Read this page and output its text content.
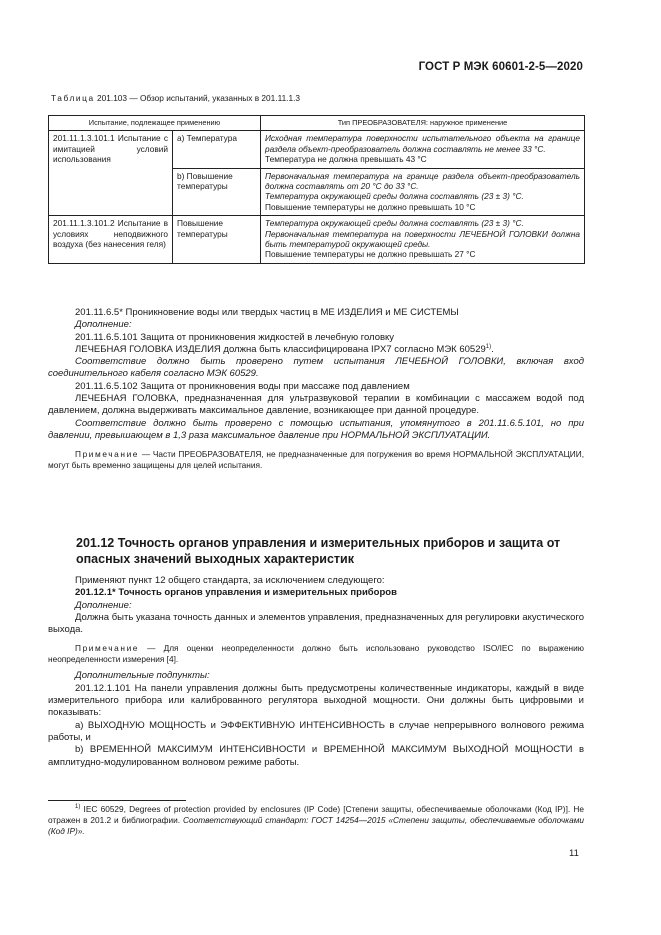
ГОСТ Р МЭК 60601-2-5—2020
Таблица 201.103 — Обзор испытаний, указанных в 201.11.1.3
Испытание, подлежащее применению		Тип ПРЕОБРАЗОВАТЕЛЯ: наружное применение
201.11.1.3.101.1 Испытание с имитацией условий использования	a) Температура	Исходная температура поверхности испытательного объекта на границе раздела объект-преобразователь должна составлять не менее 33 °C.
Температура не должна превышать 43 °C

	b) Повышение температуры	Первоначальная температура на границе раздела объект-преобразователь должна составлять от 20 °C до 33 °C.
Температура окружающей среды должна составлять (23 ± 3) °C.
Повышение температуры не должно превышать 10 °C

201.11.1.3.101.2 Испытание в условиях неподвижного воздуха (без нанесения геля)	Повышение температуры	Температура окружающей среды должна составлять (23 ± 3) °C.
Первоначальная температура на поверхности ЛЕЧЕБНОЙ ГОЛОВКИ должна быть температурой окружающей среды.
Повышение температуры не должно превышать 27 °C

201.11.6.5* Проникновение воды или твердых частиц в МЕ ИЗДЕЛИЯ и МЕ СИСТЕМЫ

Дополнение:

201.11.6.5.101 Защита от проникновения жидкостей в лечебную головку

ЛЕЧЕБНАЯ ГОЛОВКА ИЗДЕЛИЯ должна быть классифицирована IPX7 согласно МЭК 60529$^{1)}$.

Соответствие должно быть проверено путем испытания ЛЕЧЕБНОЙ ГОЛОВКИ, включая вход соединительного кабеля согласно МЭК 60529.

201.11.6.5.102 Защита от проникновения воды при массаже под давлением

ЛЕЧЕБНАЯ ГОЛОВКА, предназначенная для ультразвуковой терапии в комбинации с массажем водой под давлением, должна выдерживать максимальное давление, возникающее при данной процедуре.

Соответствие должно быть проверено с помощью испытания, упомянутого в 201.11.6.5.101, но при давлении, превышающем в 1,3 раза максимальное давление при НОРМАЛЬНОЙ ЭКСПЛУАТАЦИИ.

Примечание — Части ПРЕОБРАЗОВАТЕЛЯ, не предназначенные для погружения во время НОРМАЛЬНОЙ ЭКСПЛУАТАЦИИ, могут быть временно защищены для целей испытания.

201.12 Точность органов управления и измерительных приборов и защита от опасных значений выходных характеристик

Применяют пункт 12 общего стандарта, за исключением следующего:

201.12.1* Точность органов управления и измерительных приборов

Дополнение:

Должна быть указана точность данных и элементов управления, предназначенных для регулировки акустического выхода.

Примечание — Для оценки неопределенности должно быть использовано руководство ISO/IEC по выражению неопределенности измерения [4].

Дополнительные подпункты:

201.12.1.101 На панели управления должны быть предусмотрены количественные индикаторы, каждый в виде измерительного прибора или калиброванного регулятора выходной мощности. Они должны быть цифровыми и показывать:

a) ВЫХОДНУЮ МОЩНОСТЬ и ЭФФЕКТИВНУЮ ИНТЕНСИВНОСТЬ в случае непрерывного волнового режима работы, и

b) ВРЕМЕННОЙ МАКСИМУМ ИНТЕНСИВНОСТИ и ВРЕМЕННОЙ МАКСИМУМ ВЫХОДНОЙ МОЩНОСТИ в амплитудно-модулированном волновом режиме работы.

$^{1)}$ IEC 60529, Degrees of protection provided by enclosures (IP Code) [Степени защиты, обеспечиваемые оболочками (Код IP)]. Не отражен в 201.2 и библиографии. Соответствующий стандарт: ГОСТ 14254—2015 «Степени защиты, обеспечиваемые оболочками (Код IP)».

11
